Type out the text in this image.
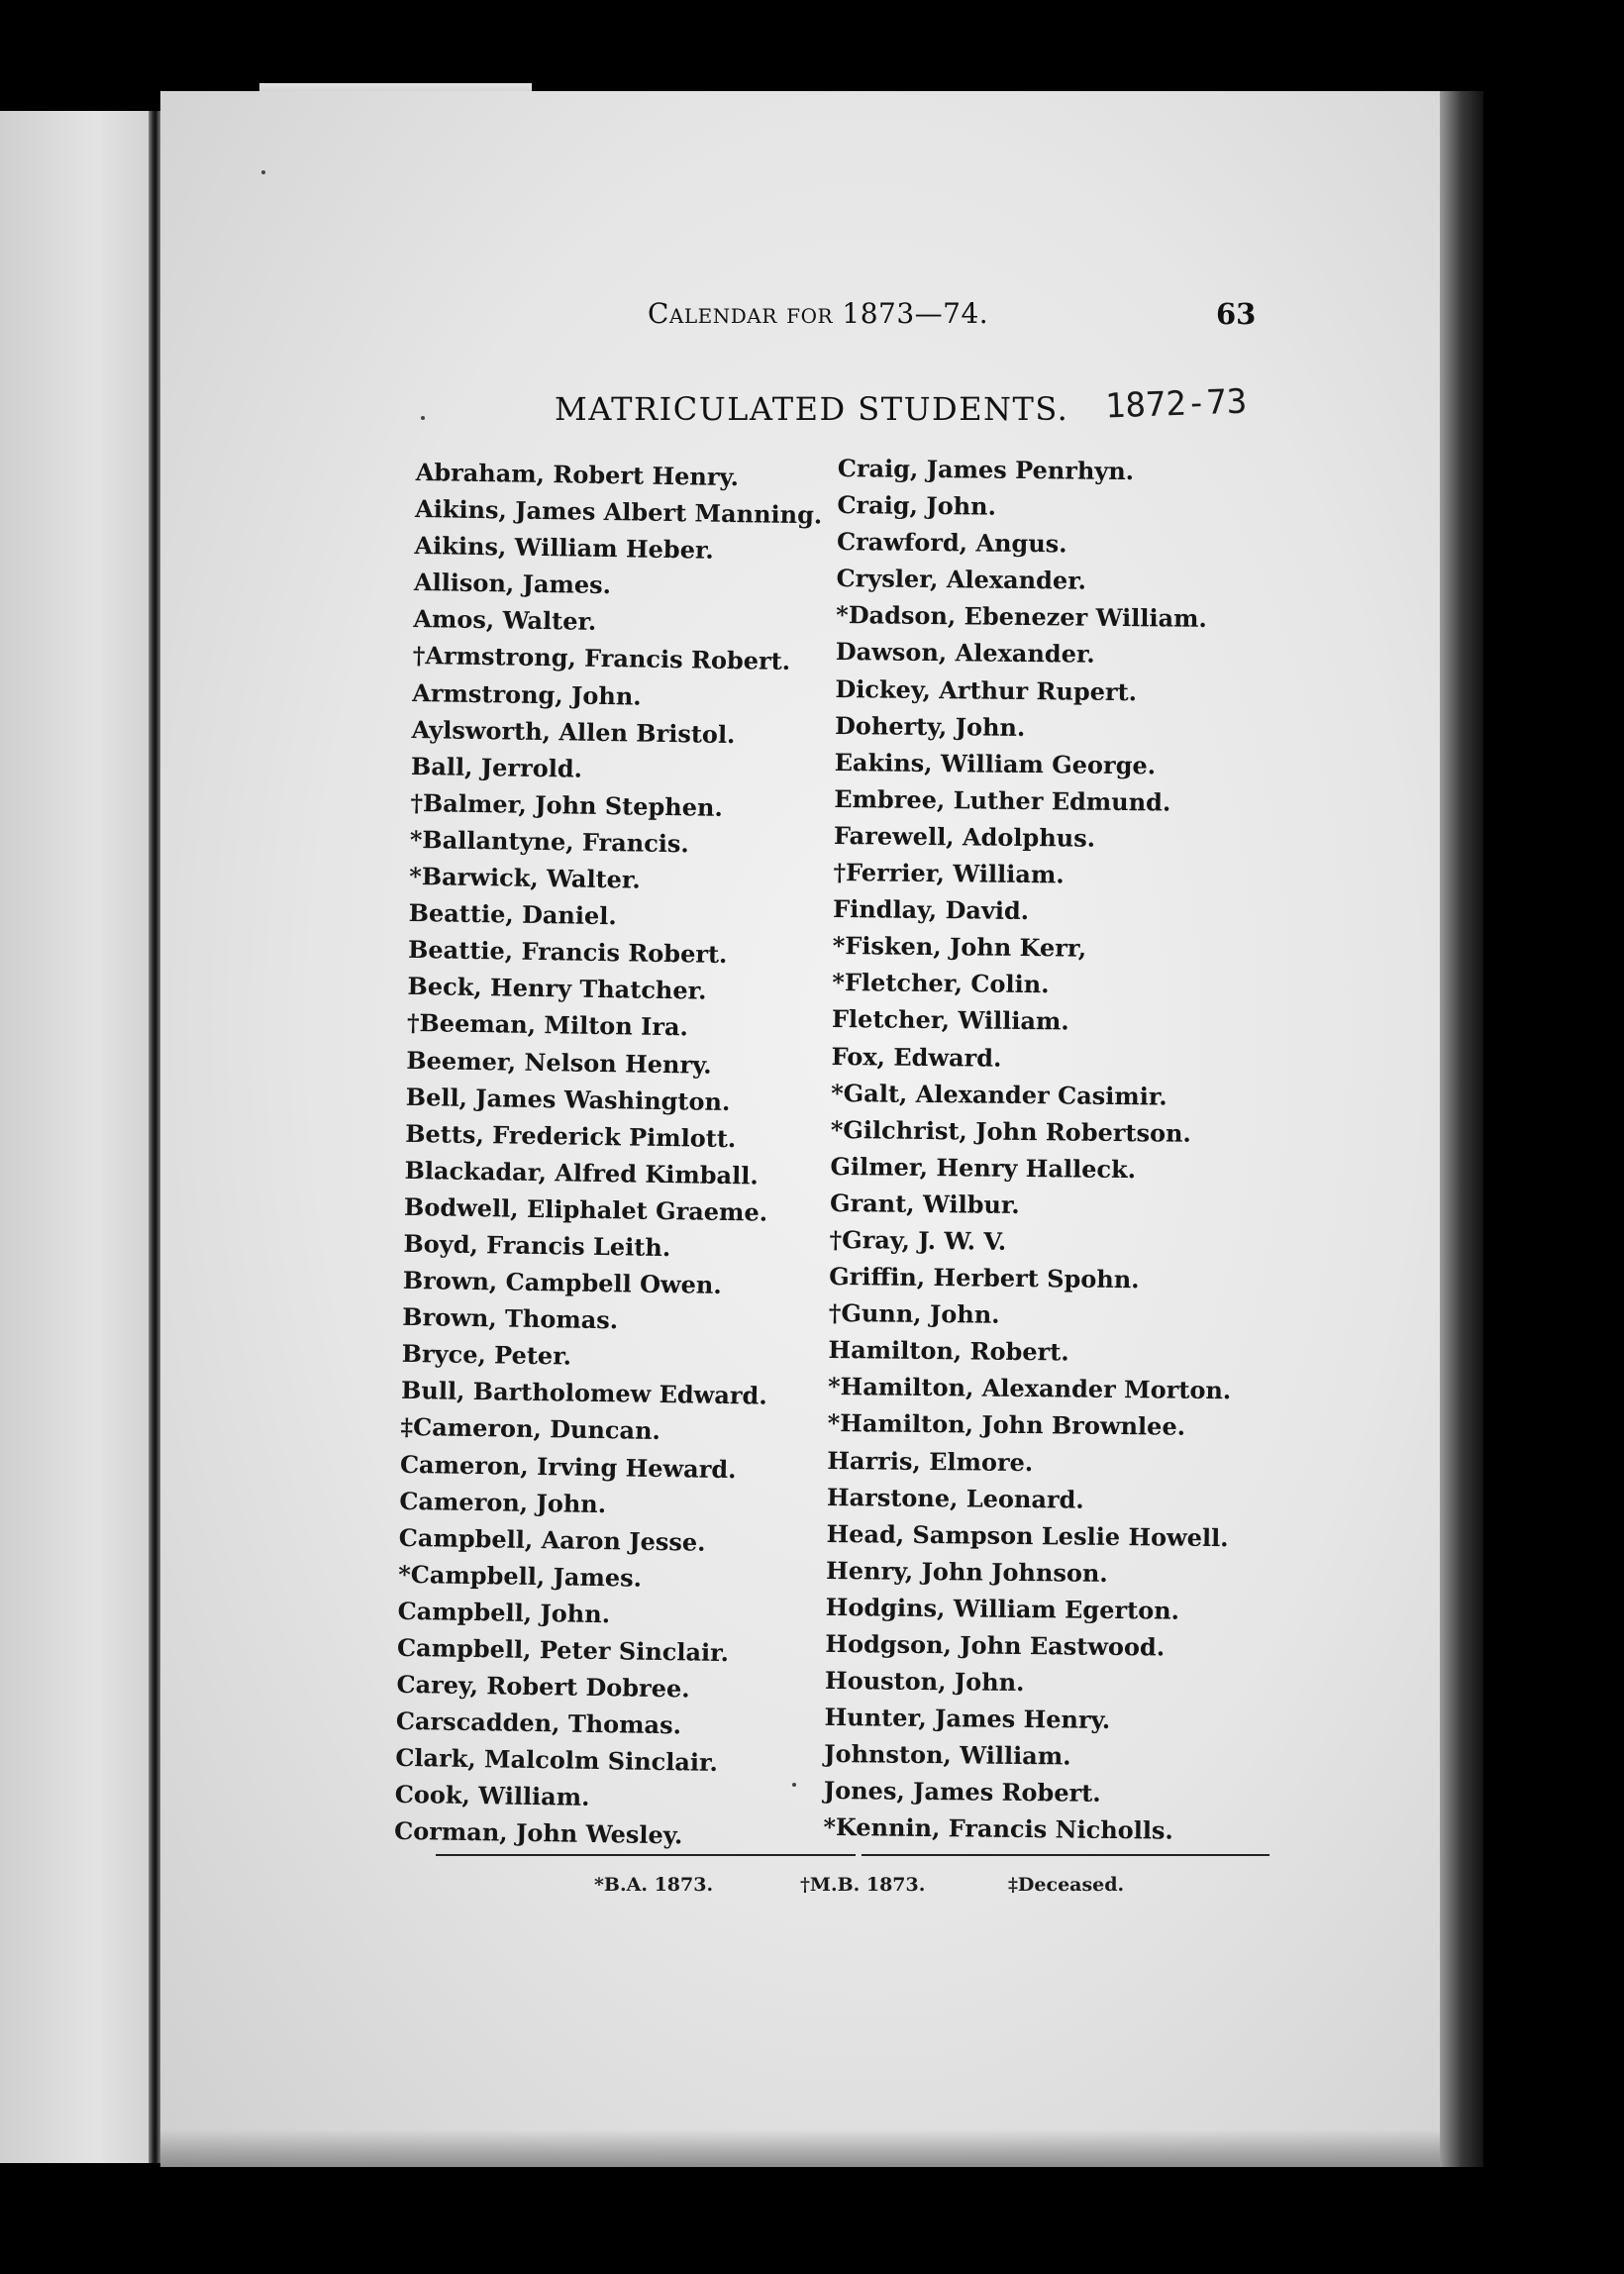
Calendar for 1873—74.	63
MATRICULATED STUDENTS. 1872-73
Abraham, Robert Henry.
Aikins, James Albert Manning.
Aikins, William Heber.
Allison, James.
Amos, Walter.
†Armstrong, Francis Robert.
Armstrong, John.
Aylsworth, Allen Bristol.
Ball, Jerrold.
†Balmer, John Stephen.
*Ballantyne, Francis.
*Barwick, Walter.
Beattie, Daniel.
Beattie, Francis Robert.
Beck, Henry Thatcher.
†Beeman, Milton Ira.
Beemer, Nelson Henry.
Bell, James Washington.
Betts, Frederick Pimlott.
Blackadar, Alfred Kimball.
Bodwell, Eliphalet Graeme.
Boyd, Francis Leith.
Brown, Campbell Owen.
Brown, Thomas.
Bryce, Peter.
Bull, Bartholomew Edward.
‡Cameron, Duncan.
Cameron, Irving Heward.
Cameron, John.
Campbell, Aaron Jesse.
*Campbell, James.
Campbell, John.
Campbell, Peter Sinclair.
Carey, Robert Dobree.
Carscadden, Thomas.
Clark, Malcolm Sinclair.
Cook, William.
Corman, John Wesley.
Craig, James Penrhyn.
Craig, John.
Crawford, Angus.
Crysler, Alexander.
*Dadson, Ebenezer William.
Dawson, Alexander.
Dickey, Arthur Rupert.
Doherty, John.
Eakins, William George.
Embree, Luther Edmund.
Farewell, Adolphus.
†Ferrier, William.
Findlay, David.
*Fisken, John Kerr,
*Fletcher, Colin.
Fletcher, William.
Fox, Edward.
*Galt, Alexander Casimir.
*Gilchrist, John Robertson.
Gilmer, Henry Halleck.
Grant, Wilbur.
†Gray, J. W. V.
Griffin, Herbert Spohn.
†Gunn, John.
Hamilton, Robert.
*Hamilton, Alexander Morton.
*Hamilton, John Brownlee.
Harris, Elmore.
Harstone, Leonard.
Head, Sampson Leslie Howell.
Henry, John Johnson.
Hodgins, William Egerton.
Hodgson, John Eastwood.
Houston, John.
Hunter, James Henry.
Johnston, William.
Jones, James Robert.
*Kennin, Francis Nicholls.
*B.A. 1873.	†M.B. 1873.	‡Deceased.
